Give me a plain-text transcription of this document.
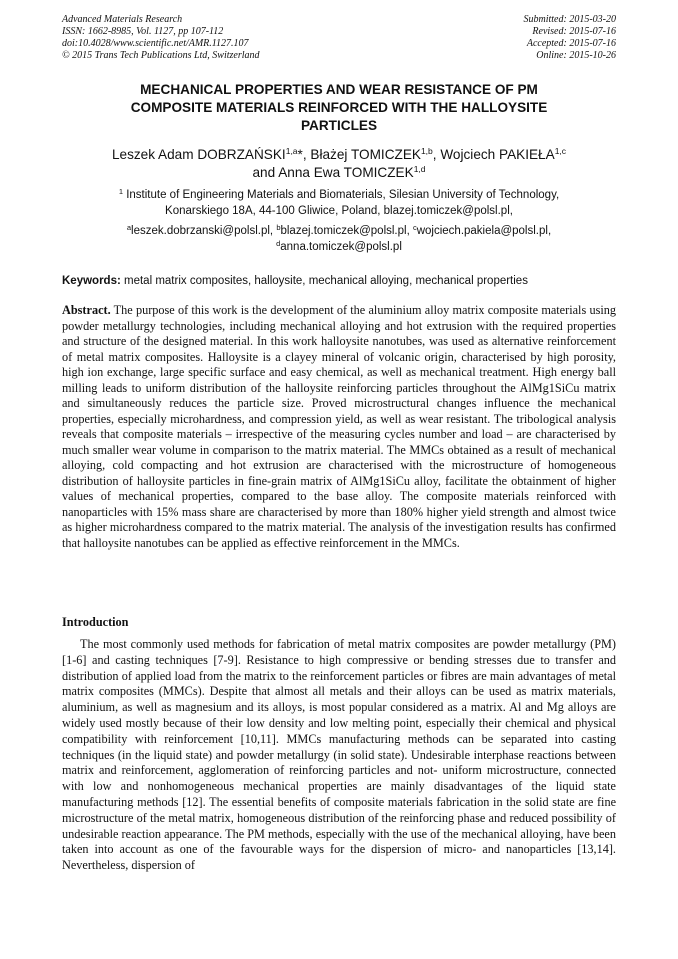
Advanced Materials Research
ISSN: 1662-8985, Vol. 1127, pp 107-112
doi:10.4028/www.scientific.net/AMR.1127.107
© 2015 Trans Tech Publications Ltd, Switzerland
Submitted: 2015-03-20
Revised: 2015-07-16
Accepted: 2015-07-16
Online: 2015-10-26
MECHANICAL PROPERTIES AND WEAR RESISTANCE OF PM
COMPOSITE MATERIALS REINFORCED WITH THE HALLOYSITE
PARTICLES
Leszek Adam DOBRZAŃSKI$^{1,a}$*, Błażej TOMICZEK$^{1,b}$, Wojciech PAKIEŁA$^{1,c}$
and Anna Ewa TOMICZEK$^{1,d}$
$^1$ Institute of Engineering Materials and Biomaterials, Silesian University of Technology,
Konarskiego 18A, 44-100 Gliwice, Poland, blazej.tomiczek@polsl.pl,
$^a$leszek.dobrzanski@polsl.pl, $^b$blazej.tomiczek@polsl.pl, $^c$wojciech.pakiela@polsl.pl,
$^d$anna.tomiczek@polsl.pl
Keywords: metal matrix composites, halloysite, mechanical alloying, mechanical properties
Abstract. The purpose of this work is the development of the aluminium alloy matrix composite materials using powder metallurgy technologies, including mechanical alloying and hot extrusion with the required properties and structure of the designed material. In this work halloysite nanotubes, was used as alternative reinforcement of metal matrix composites. Halloysite is a clayey mineral of volcanic origin, characterised by high porosity, high ion exchange, large specific surface and easy chemical, as well as mechanical treatment. High energy ball milling leads to uniform distribution of the halloysite reinforcing particles throughout the AlMg1SiCu matrix and simultaneously reduces the particle size. Proved microstructural changes influence the mechanical properties, especially microhardness, and compression yield, as well as wear resistant. The tribological analysis reveals that composite materials – irrespective of the measuring cycles number and load – are characterised by much smaller wear volume in comparison to the matrix material. The MMCs obtained as a result of mechanical alloying, cold compacting and hot extrusion are characterised with the microstructure of homogeneous distribution of halloysite particles in fine-grain matrix of AlMg1SiCu alloy, facilitate the obtainment of higher values of mechanical properties, compared to the base alloy. The composite materials reinforced with nanoparticles with 15% mass share are characterised by more than 180% higher yield strength and almost twice as higher microhardness compared to the matrix material. The analysis of the investigation results has confirmed that halloysite nanotubes can be applied as effective reinforcement in the MMCs.
Introduction
The most commonly used methods for fabrication of metal matrix composites are powder metallurgy (PM) [1-6] and casting techniques [7-9]. Resistance to high compressive or bending stresses due to transfer and distribution of applied load from the matrix to the reinforcement particles or fibres are main advantages of metal matrix composites (MMCs). Despite that almost all metals and their alloys can be used as matrix materials, aluminium, as well as magnesium and its alloys, is most popular considered as a matrix. Al and Mg alloys are widely used mostly because of their low density and low melting point, especially their chemical and physical compatibility with reinforcement [10,11]. MMCs manufacturing methods can be separated into casting techniques (in the liquid state) and powder metallurgy (in solid state). Undesirable interphase reactions between matrix and reinforcement, agglomeration of reinforcing particles and not- uniform microstructure, connected with low and nonhomogeneous mechanical properties are mainly disadvantages of the liquid state manufacturing methods [12]. The essential benefits of composite materials fabrication in the solid state are fine microstructure of the metal matrix, homogeneous distribution of the reinforcing phase and reduced possibility of undesirable reaction appearance. The PM methods, especially with the use of the mechanical alloying, have been taken into account as one of the favourable ways for the dispersion of micro- and nanoparticles [13,14]. Nevertheless, dispersion of
